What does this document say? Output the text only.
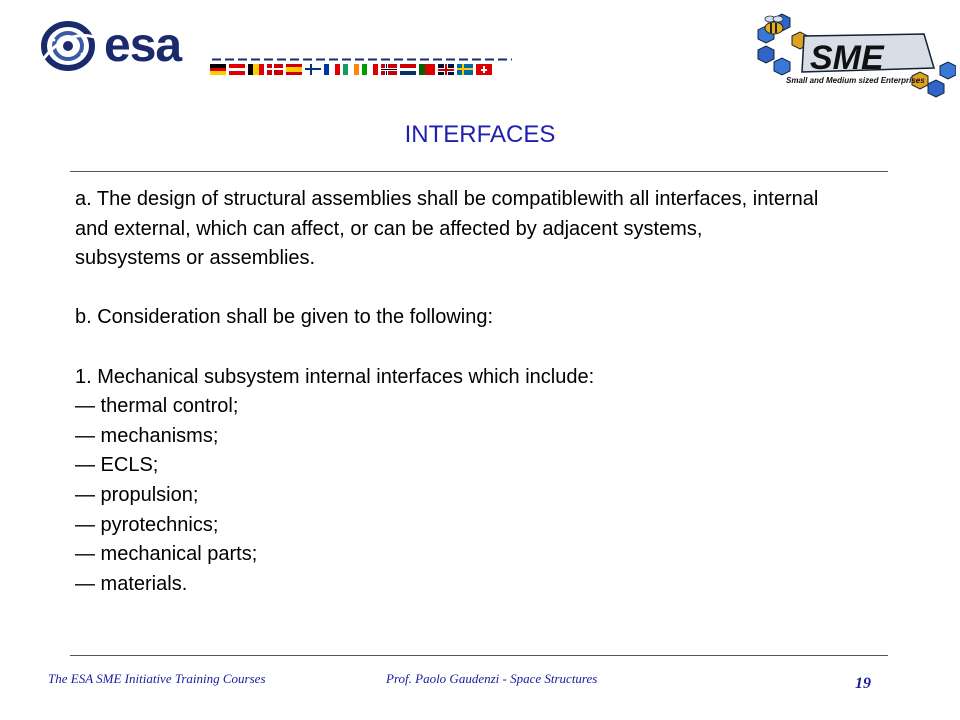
esa	SME
Small and Medium sized Enterprises
INTERFACES
a. The design of structural assemblies shall be compatiblewith all interfaces, internal
and external, which can affect, or can be affected by adjacent systems,
subsystems or assemblies.
b. Consideration shall be given to the following:
1. Mechanical subsystem internal interfaces which include:
— thermal control;
— mechanisms;
— ECLS;
— propulsion;
— pyrotechnics;
— mechanical parts;
— materials.
The ESA SME Initiative Training Courses	Prof. Paolo Gaudenzi - Space Structures	19
